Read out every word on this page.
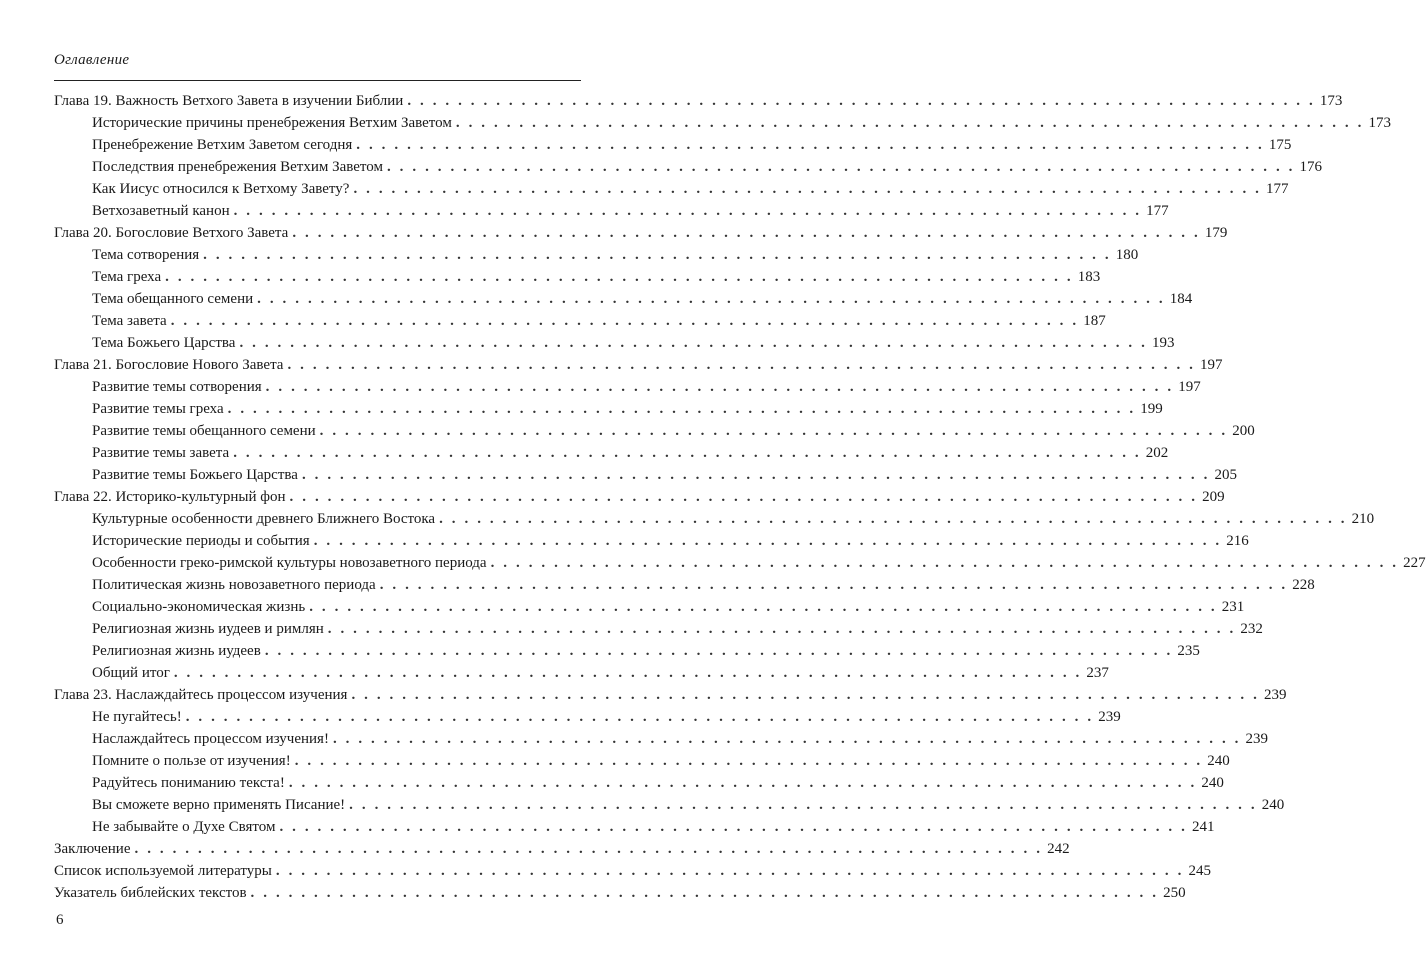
Оглавление
Глава 19. Важность Ветхого Завета в изучении Библии . . . . . . . . . . . . . . . . . . . . . . . . . . . . . . . . . . . . . . . . . . . . . . . . . . . . . . . . . . . . . . . . . . . . . . . . 173
Исторические причины пренебрежения Ветхим Заветом . . . . . . . . . . . . . . . . . . . . . . . . . . . . . . . . . . . . . . . . . . . . . . . . . . . . . . . . . . . . . . . . . . . . . . . . 173
Пренебрежение Ветхим Заветом сегодня . . . . . . . . . . . . . . . . . . . . . . . . . . . . . . . . . . . . . . . . . . . . . . . . . . . . . . . . . . . . . . . . . . . . . . . . 175
Последствия пренебрежения Ветхим Заветом . . . . . . . . . . . . . . . . . . . . . . . . . . . . . . . . . . . . . . . . . . . . . . . . . . . . . . . . . . . . . . . . . . . . . . . . 176
Как Иисус относился к Ветхому Завету? . . . . . . . . . . . . . . . . . . . . . . . . . . . . . . . . . . . . . . . . . . . . . . . . . . . . . . . . . . . . . . . . . . . . . . . . 177
Ветхозаветный канон . . . . . . . . . . . . . . . . . . . . . . . . . . . . . . . . . . . . . . . . . . . . . . . . . . . . . . . . . . . . . . . . . . . . . . . . 177
Глава 20. Богословие Ветхого Завета . . . . . . . . . . . . . . . . . . . . . . . . . . . . . . . . . . . . . . . . . . . . . . . . . . . . . . . . . . . . . . . . . . . . . . . . 179
Тема сотворения . . . . . . . . . . . . . . . . . . . . . . . . . . . . . . . . . . . . . . . . . . . . . . . . . . . . . . . . . . . . . . . . . . . . . . . . 180
Тема греха . . . . . . . . . . . . . . . . . . . . . . . . . . . . . . . . . . . . . . . . . . . . . . . . . . . . . . . . . . . . . . . . . . . . . . . . 183
Тема обещанного семени . . . . . . . . . . . . . . . . . . . . . . . . . . . . . . . . . . . . . . . . . . . . . . . . . . . . . . . . . . . . . . . . . . . . . . . . 184
Тема завета . . . . . . . . . . . . . . . . . . . . . . . . . . . . . . . . . . . . . . . . . . . . . . . . . . . . . . . . . . . . . . . . . . . . . . . . 187
Тема Божьего Царства . . . . . . . . . . . . . . . . . . . . . . . . . . . . . . . . . . . . . . . . . . . . . . . . . . . . . . . . . . . . . . . . . . . . . . . . 193
Глава 21. Богословие Нового Завета . . . . . . . . . . . . . . . . . . . . . . . . . . . . . . . . . . . . . . . . . . . . . . . . . . . . . . . . . . . . . . . . . . . . . . . . 197
Развитие темы сотворения . . . . . . . . . . . . . . . . . . . . . . . . . . . . . . . . . . . . . . . . . . . . . . . . . . . . . . . . . . . . . . . . . . . . . . . . 197
Развитие темы греха . . . . . . . . . . . . . . . . . . . . . . . . . . . . . . . . . . . . . . . . . . . . . . . . . . . . . . . . . . . . . . . . . . . . . . . . 199
Развитие темы обещанного семени . . . . . . . . . . . . . . . . . . . . . . . . . . . . . . . . . . . . . . . . . . . . . . . . . . . . . . . . . . . . . . . . . . . . . . . . 200
Развитие темы завета . . . . . . . . . . . . . . . . . . . . . . . . . . . . . . . . . . . . . . . . . . . . . . . . . . . . . . . . . . . . . . . . . . . . . . . . 202
Развитие темы Божьего Царства . . . . . . . . . . . . . . . . . . . . . . . . . . . . . . . . . . . . . . . . . . . . . . . . . . . . . . . . . . . . . . . . . . . . . . . . 205
Глава 22. Историко-культурный фон . . . . . . . . . . . . . . . . . . . . . . . . . . . . . . . . . . . . . . . . . . . . . . . . . . . . . . . . . . . . . . . . . . . . . . . . 209
Культурные особенности древнего Ближнего Востока . . . . . . . . . . . . . . . . . . . . . . . . . . . . . . . . . . . . . . . . . . . . . . . . . . . . . . . . . . . . . . . . . . . . . . . . 210
Исторические периоды и события . . . . . . . . . . . . . . . . . . . . . . . . . . . . . . . . . . . . . . . . . . . . . . . . . . . . . . . . . . . . . . . . . . . . . . . . 216
Особенности греко-римской культуры новозаветного периода . . . . . . . . . . . . . . . . . . . . . . . . . . . . . . . . . . . . . . . . . . . . . . . . . . . . . . . . . . . . . . . . . . . . . . . . 227
Политическая жизнь новозаветного периода . . . . . . . . . . . . . . . . . . . . . . . . . . . . . . . . . . . . . . . . . . . . . . . . . . . . . . . . . . . . . . . . . . . . . . . . 228
Социально-экономическая жизнь . . . . . . . . . . . . . . . . . . . . . . . . . . . . . . . . . . . . . . . . . . . . . . . . . . . . . . . . . . . . . . . . . . . . . . . . 231
Религиозная жизнь иудеев и римлян . . . . . . . . . . . . . . . . . . . . . . . . . . . . . . . . . . . . . . . . . . . . . . . . . . . . . . . . . . . . . . . . . . . . . . . . 232
Религиозная жизнь иудеев . . . . . . . . . . . . . . . . . . . . . . . . . . . . . . . . . . . . . . . . . . . . . . . . . . . . . . . . . . . . . . . . . . . . . . . . 235
Общий итог . . . . . . . . . . . . . . . . . . . . . . . . . . . . . . . . . . . . . . . . . . . . . . . . . . . . . . . . . . . . . . . . . . . . . . . . 237
Глава 23. Наслаждайтесь процессом изучения . . . . . . . . . . . . . . . . . . . . . . . . . . . . . . . . . . . . . . . . . . . . . . . . . . . . . . . . . . . . . . . . . . . . . . . . 239
Не пугайтесь! . . . . . . . . . . . . . . . . . . . . . . . . . . . . . . . . . . . . . . . . . . . . . . . . . . . . . . . . . . . . . . . . . . . . . . . . 239
Наслаждайтесь процессом изучения! . . . . . . . . . . . . . . . . . . . . . . . . . . . . . . . . . . . . . . . . . . . . . . . . . . . . . . . . . . . . . . . . . . . . . . . . 239
Помните о пользе от изучения! . . . . . . . . . . . . . . . . . . . . . . . . . . . . . . . . . . . . . . . . . . . . . . . . . . . . . . . . . . . . . . . . . . . . . . . . 240
Радуйтесь пониманию текста! . . . . . . . . . . . . . . . . . . . . . . . . . . . . . . . . . . . . . . . . . . . . . . . . . . . . . . . . . . . . . . . . . . . . . . . . 240
Вы сможете верно применять Писание! . . . . . . . . . . . . . . . . . . . . . . . . . . . . . . . . . . . . . . . . . . . . . . . . . . . . . . . . . . . . . . . . . . . . . . . . 240
Не забывайте о Духе Святом . . . . . . . . . . . . . . . . . . . . . . . . . . . . . . . . . . . . . . . . . . . . . . . . . . . . . . . . . . . . . . . . . . . . . . . . 241
Заключение . . . . . . . . . . . . . . . . . . . . . . . . . . . . . . . . . . . . . . . . . . . . . . . . . . . . . . . . . . . . . . . . . . . . . . . . 242
Список используемой литературы . . . . . . . . . . . . . . . . . . . . . . . . . . . . . . . . . . . . . . . . . . . . . . . . . . . . . . . . . . . . . . . . . . . . . . . . 245
Указатель библейских текстов . . . . . . . . . . . . . . . . . . . . . . . . . . . . . . . . . . . . . . . . . . . . . . . . . . . . . . . . . . . . . . . . . . . . . . . . 250
6
